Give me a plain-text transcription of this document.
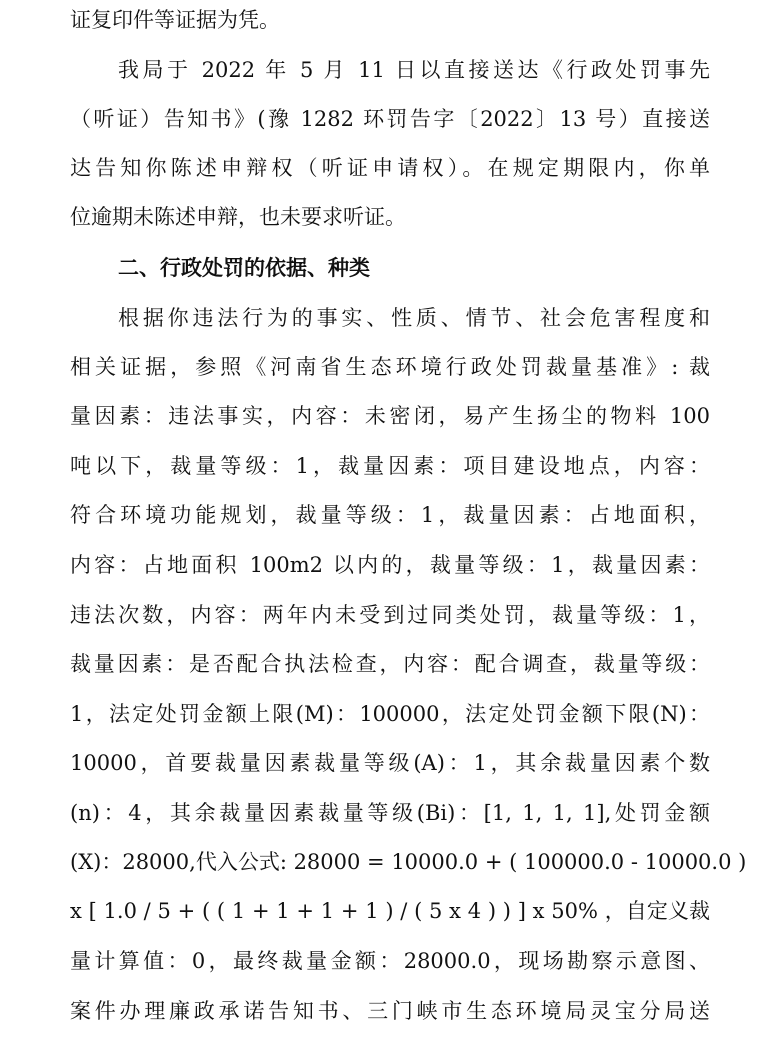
证复印件等证据为凭。
我局于 2022 年 5 月 11 日以直接送达《行政处罚事先
（听证）告知书》(豫 1282 环罚告字〔2022〕13 号）直接送
达告知你陈述申辩权（听证申请权）。在规定期限内，你单
位逾期未陈述申辩，也未要求听证。
二、行政处罚的依据、种类
根据你违法行为的事实、性质、情节、社会危害程度和
相关证据，参照《河南省生态环境行政处罚裁量基准》: 裁
量因素：违法事实，内容：未密闭，易产生扬尘的物料 100
吨以下，裁量等级：1，裁量因素：项目建设地点，内容：
符合环境功能规划，裁量等级：1，裁量因素：占地面积，
内容：占地面积 100m2 以内的，裁量等级：1，裁量因素：
违法次数，内容：两年内未受到过同类处罚，裁量等级：1，
裁量因素：是否配合执法检查，内容：配合调查，裁量等级：
1，法定处罚金额上限(M)：100000，法定处罚金额下限(N)：
10000，首要裁量因素裁量等级(A)：1，其余裁量因素个数
(n)：4，其余裁量因素裁量等级(Bi)：[1, 1, 1, 1],处罚金额
(X)：28000,代入公式: 28000 = 10000.0 + ( 100000.0 - 10000.0 )
x [ 1.0 / 5 + ( ( 1 + 1 + 1 + 1 ) / ( 5 x 4 ) ) ] x 50% ，自定义裁
量计算值：0，最终裁量金额：28000.0，现场勘察示意图、
案件办理廉政承诺告知书、三门峡市生态环境局灵宝分局送
